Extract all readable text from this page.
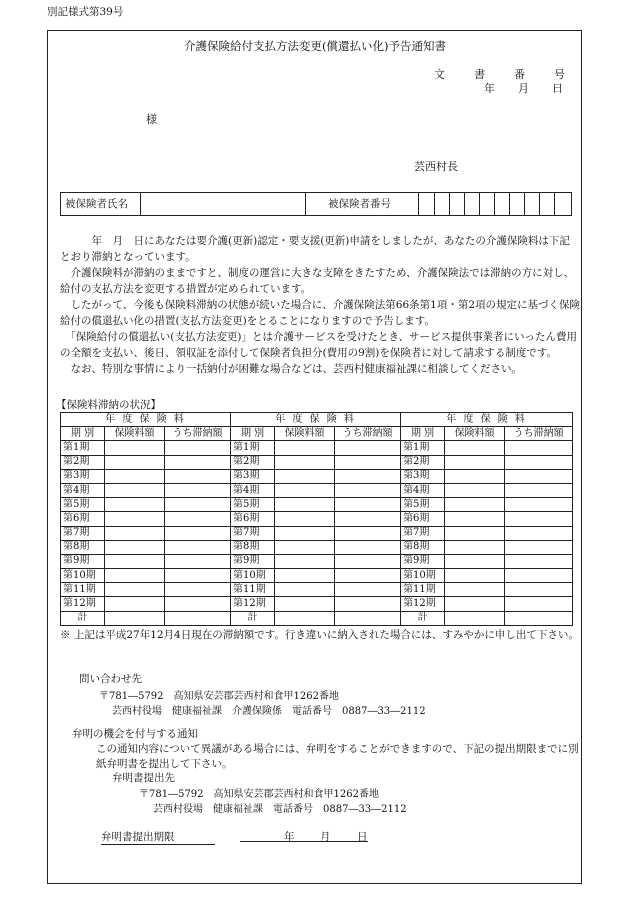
別記様式第39号
介護保険給付支払方法変更(償還払い化)予告通知書
文	書	番	号
年 月 日
様
芸西村長
被保険者氏名	被保険者番号

　　　年　月　日にあなたは要介護(更新)認定・要支援(更新)申請をしましたが、あなたの介護保険料は下記とおり滞納となっています。

　介護保険料が滞納のままですと、制度の運営に大きな支障をきたすため、介護保険法では滞納の方に対し、給付の支払方法を変更する措置が定められています。

　したがって、今後も保険料滞納の状態が続いた場合に、介護保険法第66条第1項・第2項の規定に基づく保険給付の償還払い化の措置(支払方法変更)をとることになりますので予告します。

　「保険給付の償還払い(支払方法変更)」とは介護サービスを受けたとき、サービス提供事業者にいったん費用の全額を支払い、後日、領収証を添付して保険者負担分(費用の9割)を保険者に対して請求する制度です。

　なお、特別な事情により一括納付が困難な場合などは、芸西村健康福祉課に相談してください。

【保険料滞納の状況】
年 度 保 険 料			年 度 保 険 料			年 度 保 険 料		
期 別	保険料額	うち滞納額	期 別	保険料額	うち滞納額	期 別	保険料額	うち滞納額
第1期			第1期			第1期		
第2期			第2期			第2期		
第3期			第3期			第3期		
第4期			第4期			第4期		
第5期			第5期			第5期		
第6期			第6期			第6期		
第7期			第7期			第7期		
第8期			第8期			第8期		
第9期			第9期			第9期		
第10期			第10期			第10期		
第11期			第11期			第11期		
第12期			第12期			第12期		
計			計			計		
※ 上記は平成27年12月4日現在の滞納額です。行き違いに納入された場合には、すみやかに申し出て下さい。
問い合わせ先
〒781―5792　高知県安芸郡芸西村和食甲1262番地
芸西村役場　健康福祉課　介護保険係　電話番号　0887―33―2112
弁明の機会を付与する通知
この通知内容について異議がある場合には、弁明をすることができますので、下記の提出期限までに別紙弁明書を提出して下さい。
弁明書提出先
〒781―5792　高知県安芸郡芸西村和食甲1262番地
芸西村役場　健康福祉課　電話番号　0887―33―2112
弁明書提出期限	年 月	日
